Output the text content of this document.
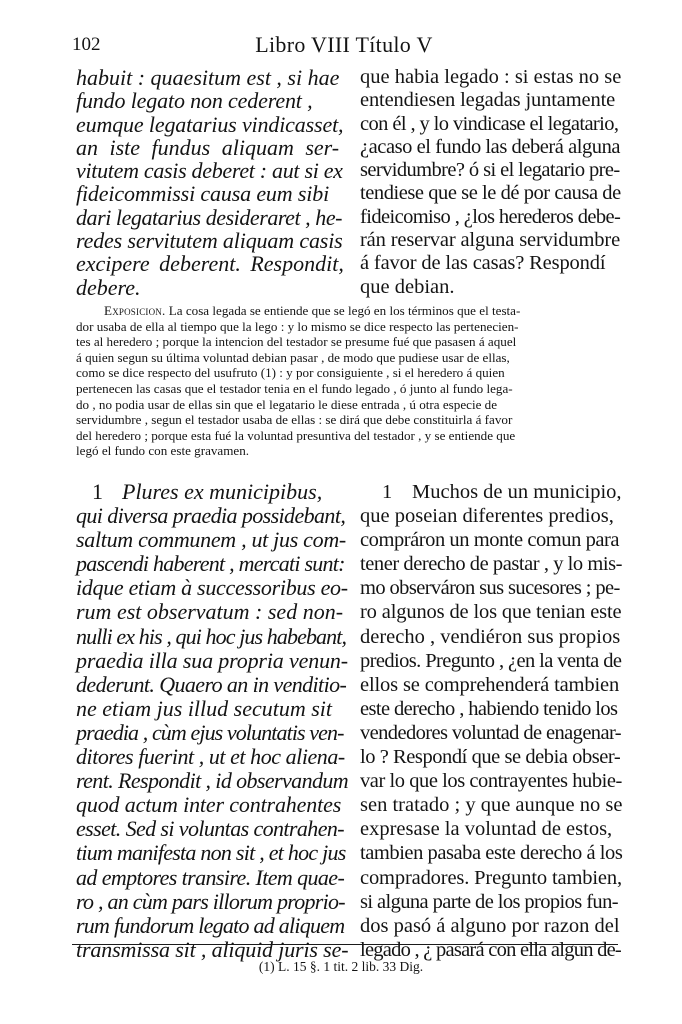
102	Libro VIII Título V
habuit : quaesitum est , si hae
fundo legato non cederent ,
eumque legatarius vindicasset,
an iste fundus aliquam ser-
vitutem casis deberet : aut si ex
fideicommissi causa eum sibi
dari legatarius desideraret , he-
redes servitutem aliquam casis
excipere deberent. Respondit,
debere.
que habia legado : si estas no se
entendiesen legadas juntamente
con él , y lo vindicase el legatario,
¿acaso el fundo las deberá alguna
servidumbre? ó si el legatario pre-
tendiese que se le dé por causa de
fideicomiso , ¿los herederos debe-
rán reservar alguna servidumbre
á favor de las casas? Respondí
que debian.
Exposicion. La cosa legada se entiende que se legó en los términos que el testa-
dor usaba de ella al tiempo que la lego : y lo mismo se dice respecto las pertenecien-
tes al heredero ; porque la intencion del testador se presume fué que pasasen á aquel
á quien segun su última voluntad debian pasar , de modo que pudiese usar de ellas,
como se dice respecto del usufruto (1) : y por consiguiente , si el heredero á quien
pertenecen las casas que el testador tenia en el fundo legado , ó junto al fundo lega-
do , no podia usar de ellas sin que el legatario le diese entrada , ú otra especie de
servidumbre , segun el testador usaba de ellas : se dirá que debe constituirla á favor
del heredero ; porque esta fué la voluntad presuntiva del testador , y se entiende que
legó el fundo con este gravamen.
1 Plures ex municipibus,
qui diversa praedia possidebant,
saltum communem , ut jus com-
pascendi haberent , mercati sunt:
idque etiam à successoribus eo-
rum est observatum : sed non-
nulli ex his , qui hoc jus habebant,
praedia illa sua propria venun-
dederunt. Quaero an in venditio-
ne etiam jus illud secutum sit
praedia , cùm ejus voluntatis ven-
ditores fuerint , ut et hoc aliena-
rent. Respondit , id observandum
quod actum inter contrahentes
esset. Sed si voluntas contrahen-
tium manifesta non sit , et hoc jus
ad emptores transire. Item quae-
ro , an cùm pars illorum proprio-
rum fundorum legato ad aliquem
transmissa sit , aliquid juris se-
1 Muchos de un municipio,
que poseian diferentes predios,
compráron un monte comun para
tener derecho de pastar , y lo mis-
mo observáron sus sucesores ; pe-
ro algunos de los que tenian este
derecho , vendiéron sus propios
predios. Pregunto , ¿en la venta de
ellos se comprehenderá tambien
este derecho , habiendo tenido los
vendedores voluntad de enagenar-
lo ? Respondí que se debia obser-
var lo que los contrayentes hubie-
sen tratado ; y que aunque no se
expresase la voluntad de estos,
tambien pasaba este derecho á los
compradores. Pregunto tambien,
si alguna parte de los propios fun-
dos pasó á alguno por razon del
legado , ¿ pasará con ella algun de-
(1) L. 15 §. 1 tit. 2 lib. 33 Dig.
